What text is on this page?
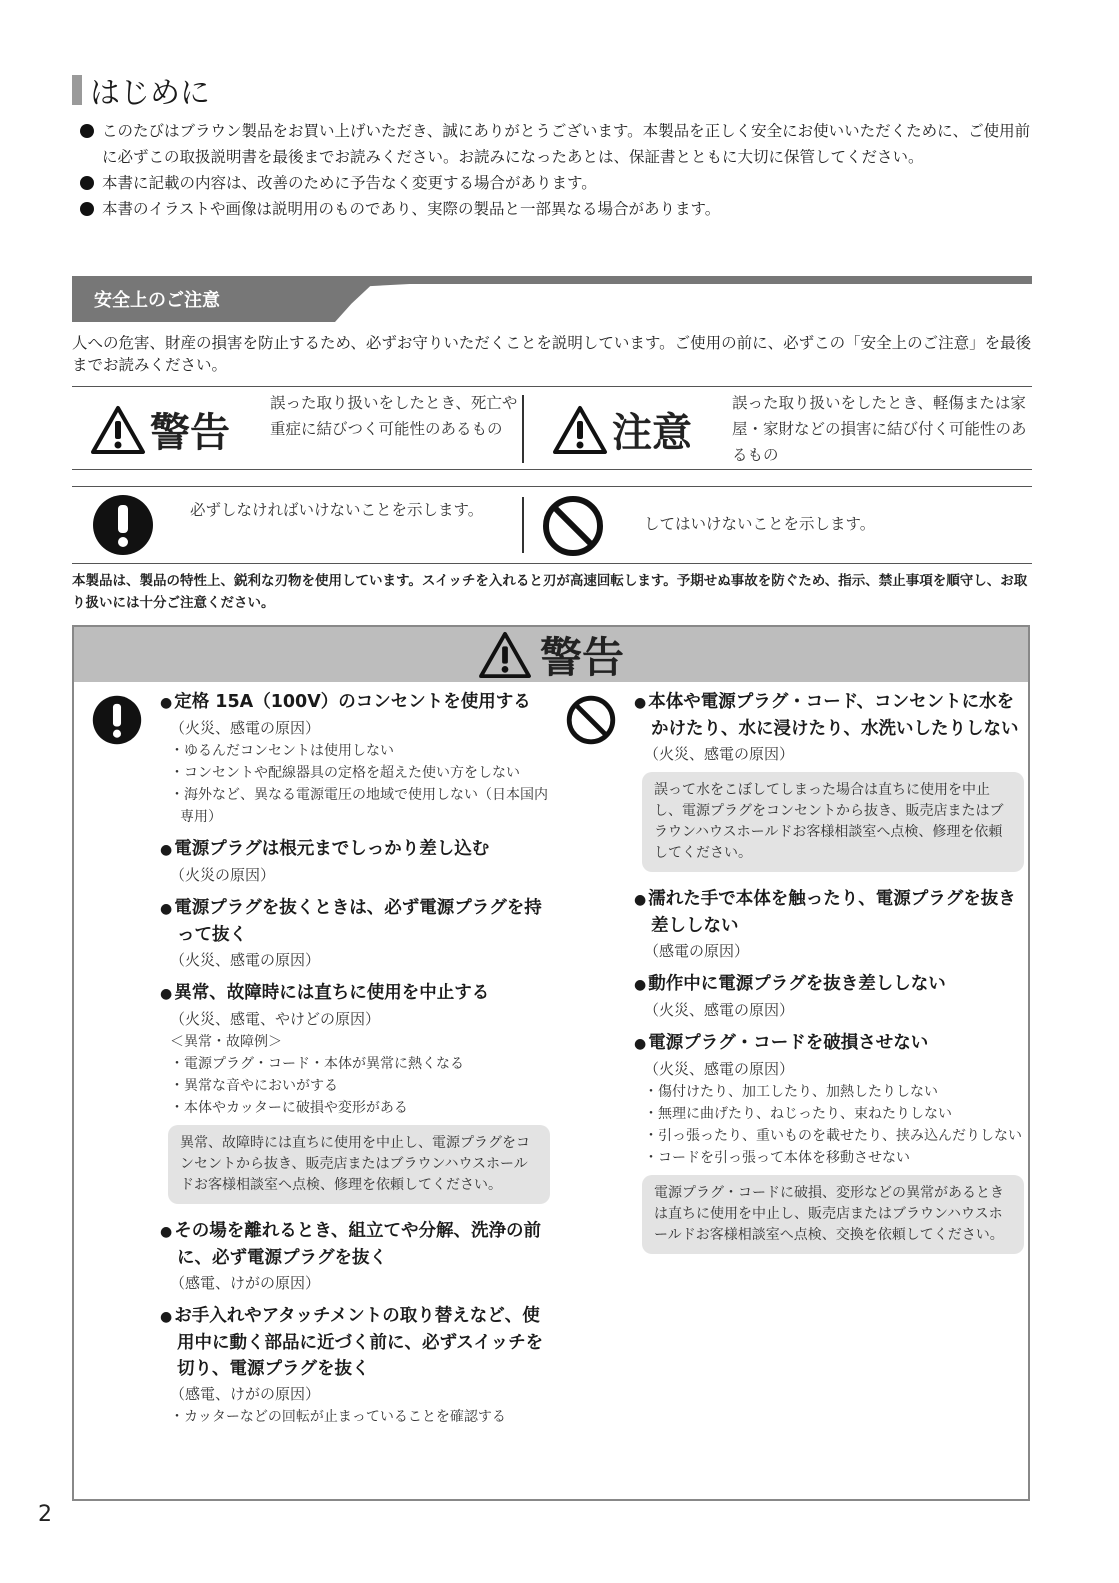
はじめに
このたびはブラウン製品をお買い上げいただき、誠にありがとうございます。本製品を正しく安全にお使いいただくために、ご使用前に必ずこの取扱説明書を最後までお読みください。お読みになったあとは、保証書とともに大切に保管してください。
本書に記載の内容は、改善のために予告なく変更する場合があります。
本書のイラストや画像は説明用のものであり、実際の製品と一部異なる場合があります。
安全上のご注意
人への危害、財産の損害を防止するため、必ずお守りいただくことを説明しています。ご使用の前に、必ずこの「安全上のご注意」を最後までお読みください。
警告
誤った取り扱いをしたとき、死亡や重症に結びつく可能性のあるもの	注意
誤った取り扱いをしたとき、軽傷または家屋・家財などの損害に結び付く可能性のあるもの
必ずしなければいけないことを示します。
してはいけないことを示します。
本製品は、製品の特性上、鋭利な刃物を使用しています。スイッチを入れると刃が高速回転します。予期せぬ事故を防ぐため、指示、禁止事項を順守し、お取り扱いには十分ご注意ください。
警告
● 定格 15A（100V）のコンセントを使用する
（火災、感電の原因）
・ゆるんだコンセントは使用しない
・コンセントや配線器具の定格を超えた使い方をしない
・海外など、異なる電源電圧の地域で使用しない（日本国内専用）
● 電源プラグは根元までしっかり差し込む
（火災の原因）
● 電源プラグを抜くときは、必ず電源プラグを持って抜く
（火災、感電の原因）
● 異常、故障時には直ちに使用を中止する
（火災、感電、やけどの原因）
＜異常・故障例＞
・電源プラグ・コード・本体が異常に熱くなる
・異常な音やにおいがする
・本体やカッターに破損や変形がある
異常、故障時には直ちに使用を中止し、電源プラグをコンセントから抜き、販売店またはブラウンハウスホールドお客様相談室へ点検、修理を依頼してください。
● その場を離れるとき、組立てや分解、洗浄の前に、必ず電源プラグを抜く
（感電、けがの原因）
● お手入れやアタッチメントの取り替えなど、使用中に動く部品に近づく前に、必ずスイッチを切り、電源プラグを抜く
（感電、けがの原因）
・カッターなどの回転が止まっていることを確認する
● 本体や電源プラグ・コード、コンセントに水をかけたり、水に浸けたり、水洗いしたりしない
（火災、感電の原因）
誤って水をこぼしてしまった場合は直ちに使用を中止し、電源プラグをコンセントから抜き、販売店またはブラウンハウスホールドお客様相談室へ点検、修理を依頼してください。
● 濡れた手で本体を触ったり、電源プラグを抜き差ししない
（感電の原因）
● 動作中に電源プラグを抜き差ししない
（火災、感電の原因）
● 電源プラグ・コードを破損させない
（火災、感電の原因）
・傷付けたり、加工したり、加熱したりしない
・無理に曲げたり、ねじったり、束ねたりしない
・引っ張ったり、重いものを載せたり、挟み込んだりしない
・コードを引っ張って本体を移動させない
電源プラグ・コードに破損、変形などの異常があるときは直ちに使用を中止し、販売店またはブラウンハウスホールドお客様相談室へ点検、交換を依頼してください。
2
